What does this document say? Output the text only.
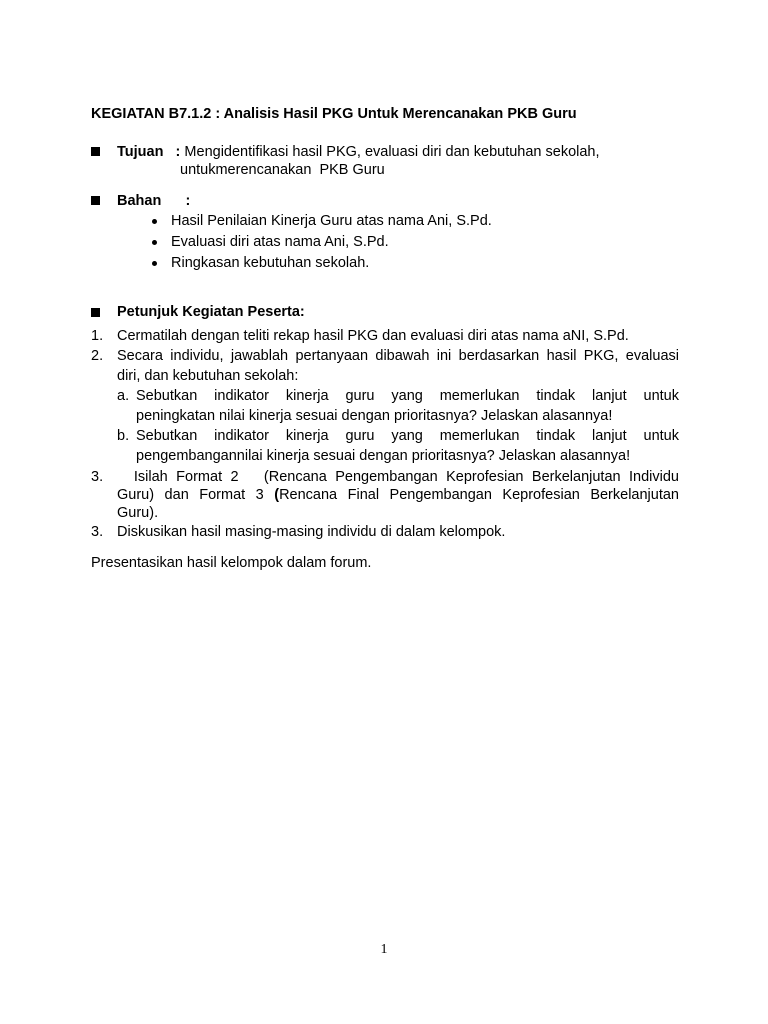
KEGIATAN B7.1.2 : Analisis Hasil PKG Untuk Merencanakan PKB Guru
Tujuan : Mengidentifikasi hasil PKG, evaluasi diri dan kebutuhan sekolah,
untukmerencanakan  PKB Guru
Bahan :
Hasil Penilaian Kinerja Guru atas nama Ani, S.Pd.
Evaluasi diri atas nama Ani, S.Pd.
Ringkasan kebutuhan sekolah.
Petunjuk Kegiatan Peserta:
1. Cermatilah dengan teliti rekap hasil PKG dan evaluasi diri atas nama aNI, S.Pd.
2. Secara individu, jawablah pertanyaan dibawah ini berdasarkan hasil PKG, evaluasi
diri, dan kebutuhan sekolah:
a. Sebutkan indikator kinerja guru yang memerlukan tindak lanjut untuk
peningkatan nilai kinerja sesuai dengan prioritasnya? Jelaskan alasannya!
b. Sebutkan indikator kinerja guru yang memerlukan tindak lanjut untuk
pengembangannilai kinerja sesuai dengan prioritasnya? Jelaskan alasannya!
3. Isilah Format 2   (Rencana Pengembangan Keprofesian Berkelanjutan Individu
Guru) dan Format 3 (Rencana Final Pengembangan Keprofesian Berkelanjutan
Guru).
3. Diskusikan hasil masing-masing individu di dalam kelompok.
Presentasikan hasil kelompok dalam forum.
1
